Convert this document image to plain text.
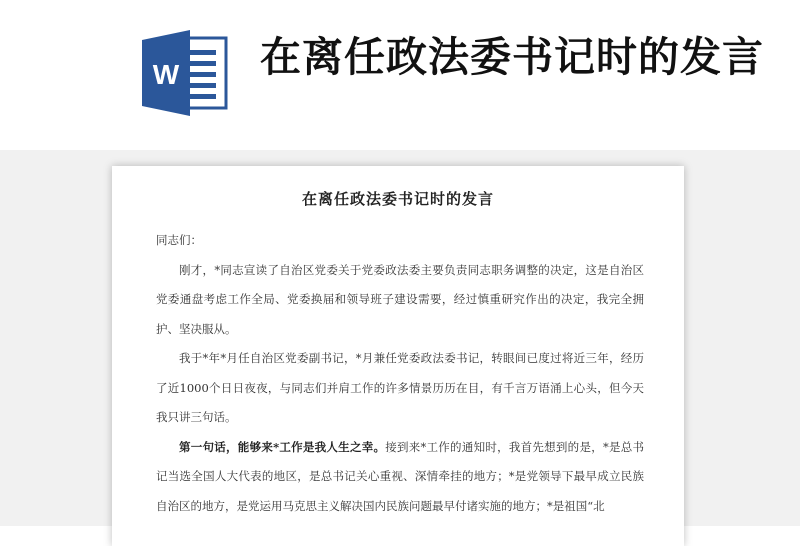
W 在离任政法委书记时的发言
在离任政法委书记时的发言

同志们：

刚才，*同志宣读了自治区党委关于党委政法委主要负责同志职务调整的决定，这是自治区党委通盘考虑工作全局、党委换届和领导班子建设需要，经过慎重研究作出的决定，我完全拥护、坚决服从。

我于*年*月任自治区党委副书记，*月兼任党委政法委书记，转眼间已度过将近三年，经历了近1000个日日夜夜，与同志们并肩工作的许多情景历历在目，有千言万语涌上心头，但今天我只讲三句话。

第一句话，能够来*工作是我人生之幸。接到来*工作的通知时，我首先想到的是，*是总书记当选全国人大代表的地区，是总书记关心重视、深情牵挂的地方；*是党领导下最早成立民族自治区的地方，是党运用马克思主义解决国内民族问题最早付诸实施的地方；*是祖国“北
